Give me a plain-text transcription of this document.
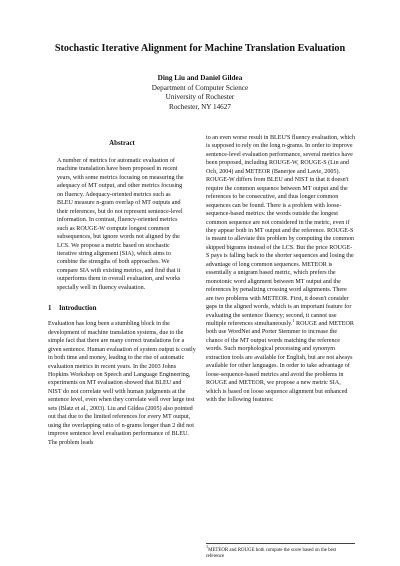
Stochastic Iterative Alignment for Machine Translation Evaluation
Ding Liu and Daniel Gildea
Department of Computer Science
University of Rochester
Rochester, NY 14627
Abstract

A number of metrics for automatic evaluation of machine translation have been proposed in recent years, with some metrics focusing on measuring the adequacy of MT output, and other metrics focusing on fluency. Adequacy-oriented metrics such as BLEU measure n-gram overlap of MT outputs and their references, but do not represent sentence-level information. In contrast, fluency-oriented metrics such as ROUGE-W compute longest common subsequences, but ignore words not aligned by the LCS. We propose a metric based on stochastic iterative string alignment (SIA), which aims to combine the strengths of both approaches. We compare SIA with existing metrics, and find that it outperforms them in overall evaluation, and works specially well in fluency evaluation.

1 Introduction

Evaluation has long been a stumbling block in the development of machine translation systems, due to the simple fact that there are many correct translations for a given sentence. Human evaluation of system output is costly in both time and money, leading to the rise of automatic evaluation metrics in recent years. In the 2003 Johns Hopkins Workshop on Speech and Language Engineering, experiments on MT evaluation showed that BLEU and NIST do not correlate well with human judgments at the sentence level, even when they correlate well over large test sets (Blatz et al., 2003). Liu and Gildea (2005) also pointed out that due to the limited references for every MT output, using the overlapping ratio of n-grams longer than 2 did not improve sentence level evaluation performance of BLEU. The problem leads

to an even worse result in BLEU'S fluency evaluation, which is supposed to rely on the long n-grams. In order to improve sentence-level evaluation performance, several metrics have been proposed, including ROUGE-W, ROUGE-S (Lin and Och, 2004) and METEOR (Banerjee and Lavie, 2005). ROUGE-W differs from BLEU and NIST in that it doesn't require the common sequence between MT output and the references to be consecutive, and thus longer common sequences can be found. There is a problem with loose-sequence-based metrics: the words outside the longest common sequence are not considered in the metric, even if they appear both in MT output and the reference. ROUGE-S is meant to alleviate this problem by computing the common skipped bigrams instead of the LCS. But the price ROUGE-S pays is falling back to the shorter sequences and losing the advantage of long common sequences. METEOR is essentially a unigram based metric, which prefers the monotonic word alignment between MT output and the references by penalizing crossing word alignments. There are two problems with METEOR. First, it doesn't consider gaps in the aligned words, which is an important feature for evaluating the sentence fluency; second, it cannot use multiple references simultaneously.$^1$ ROUGE and METEOR both use WordNet and Porter Stemmer to increase the chance of the MT output words matching the reference words. Such morphological processing and synonym extraction tools are available for English, but are not always available for other languages. In order to take advantage of loose-sequence-based metrics and avoid the problems in ROUGE and METEOR, we propose a new metric SIA, which is based on loose sequence alignment but enhanced with the following features:

$^1$METEOR and ROUGE both compute the score based on the best reference
